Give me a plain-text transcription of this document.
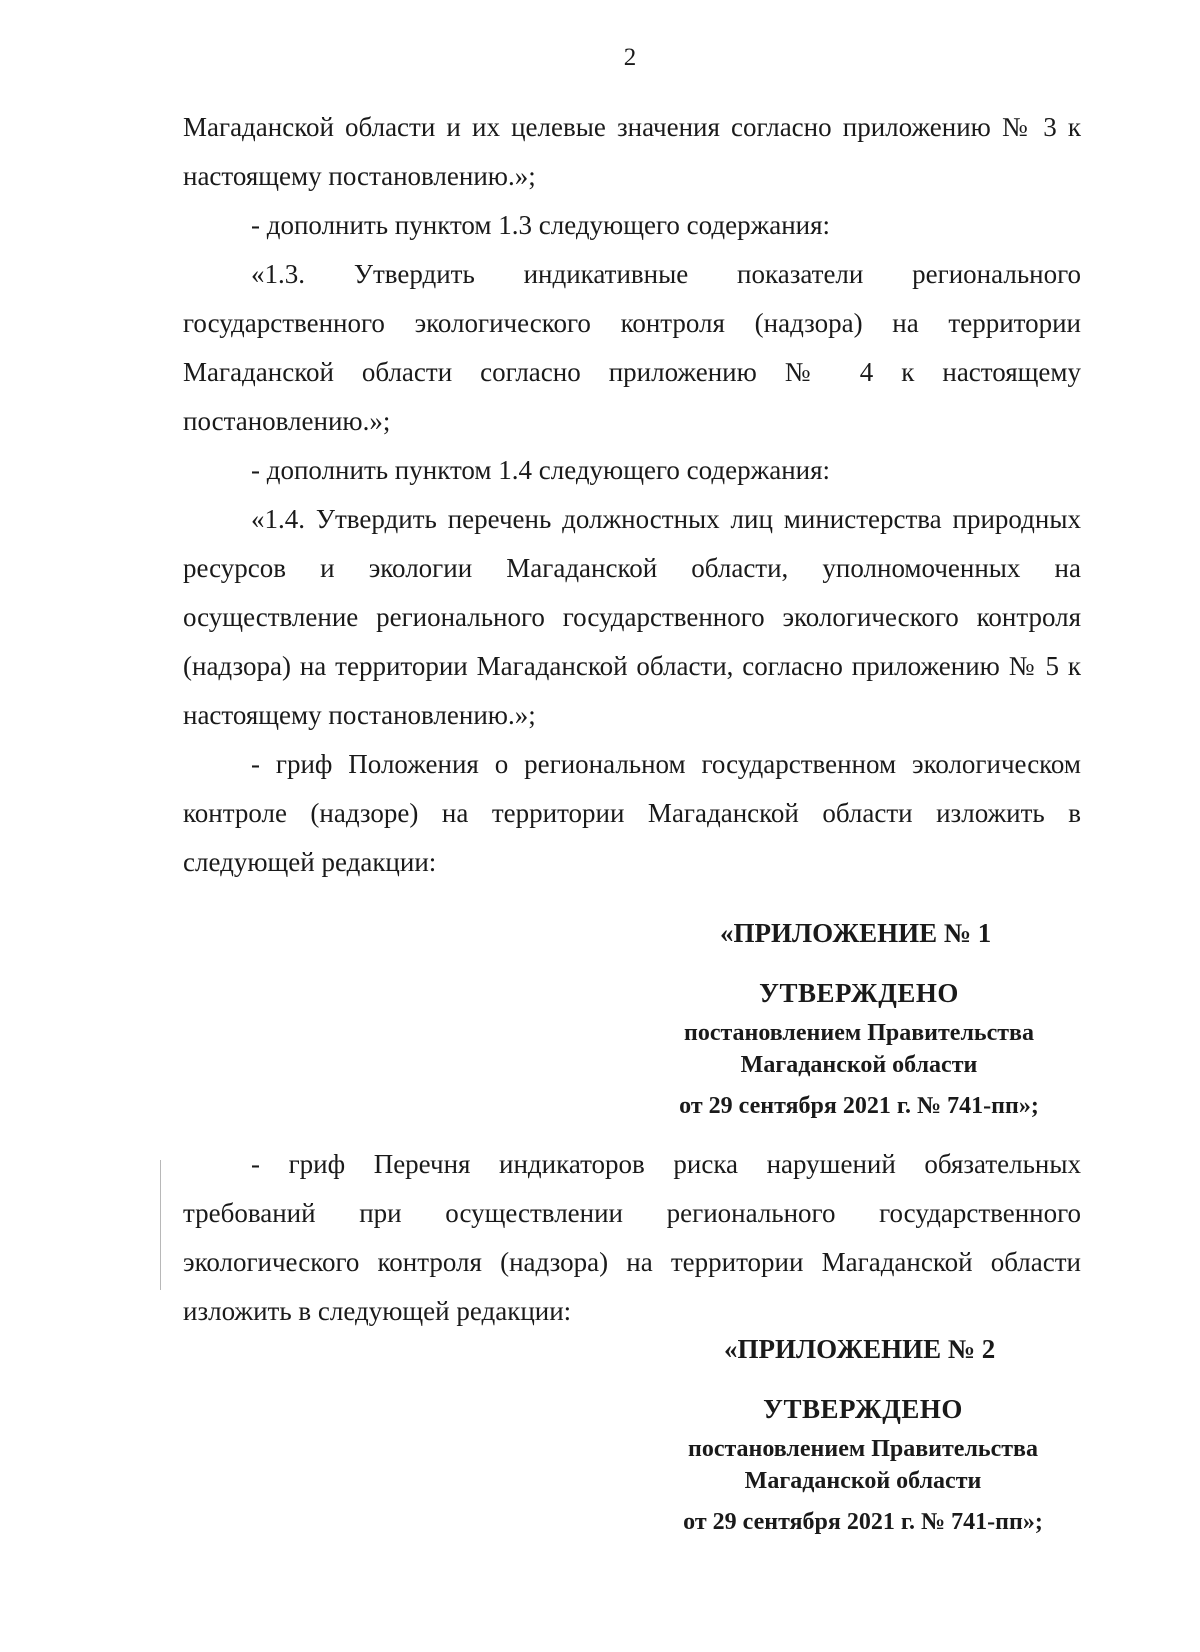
2
Магаданской области и их целевые значения согласно приложению № 3 к настоящему постановлению.»;
- дополнить пунктом 1.3 следующего содержания:
«1.3. Утвердить индикативные показатели регионального государственного экологического контроля (надзора) на территории Магаданской области согласно приложению № 4 к настоящему постановлению.»;
- дополнить пунктом 1.4 следующего содержания:
«1.4. Утвердить перечень должностных лиц министерства природных ресурсов и экологии Магаданской области, уполномоченных на осуществление регионального государственного экологического контроля (надзора) на территории Магаданской области, согласно приложению № 5 к настоящему постановлению.»;
- гриф Положения о региональном государственном экологическом контроле (надзоре) на территории Магаданской области изложить в следующей редакции:
«ПРИЛОЖЕНИЕ № 1
УТВЕРЖДЕНО
постановлением Правительства
Магаданской области
от 29 сентября 2021 г. № 741-пп»;
- гриф Перечня индикаторов риска нарушений обязательных требований при осуществлении регионального государственного экологического контроля (надзора) на территории Магаданской области изложить в следующей редакции:
«ПРИЛОЖЕНИЕ № 2
УТВЕРЖДЕНО
постановлением Правительства
Магаданской области
от 29 сентября 2021 г. № 741-пп»;
